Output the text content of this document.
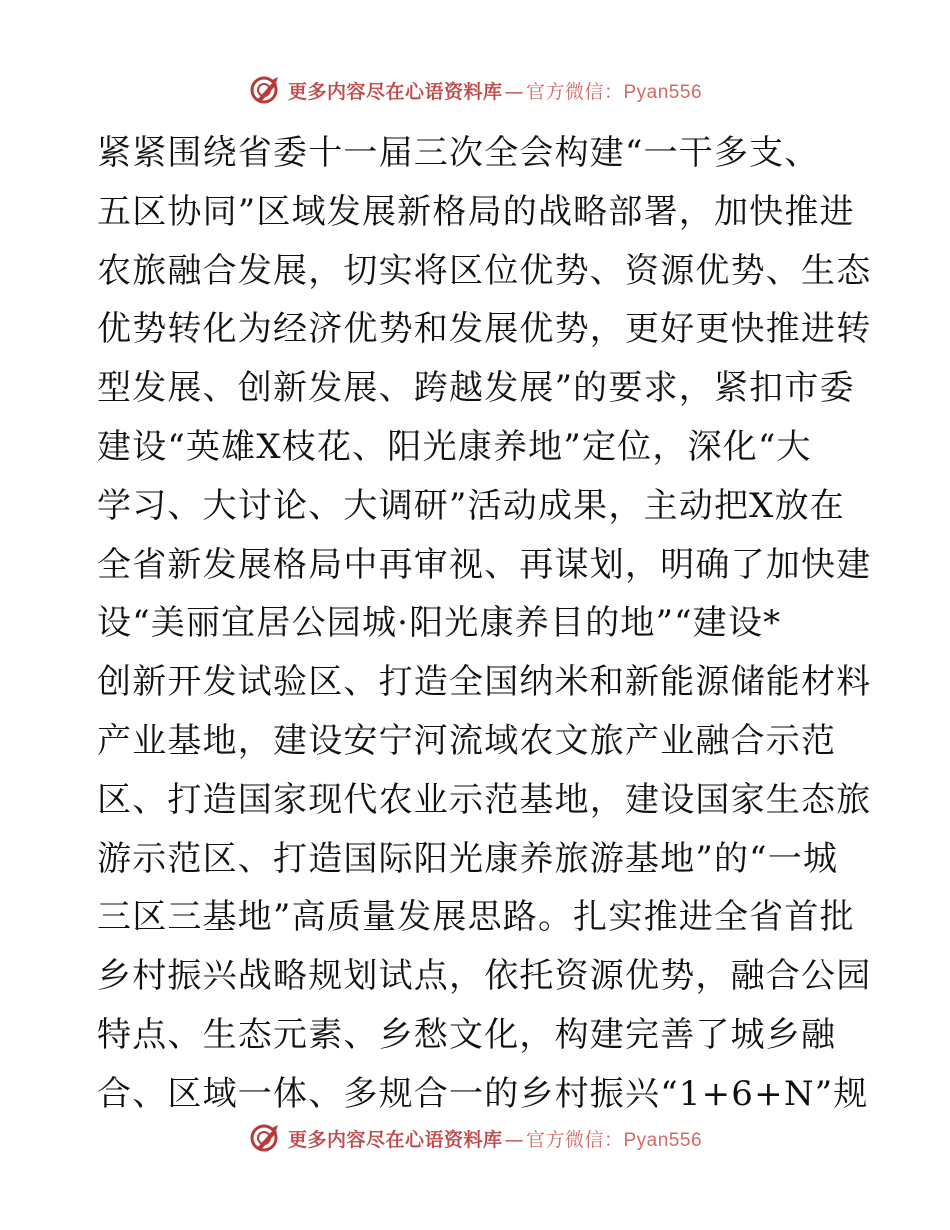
更多内容尽在心语资料库 — 官方微信： Pyan556
紧紧围绕省委十一届三次全会构建“一干多支、
五区协同”区域发展新格局的战略部署，加快推进
农旅融合发展，切实将区位优势、资源优势、生态
优势转化为经济优势和发展优势，更好更快推进转
型发展、创新发展、跨越发展”的要求，紧扣市委
建设“英雄X枝花、阳光康养地”定位，深化“大
学习、大讨论、大调研”活动成果，主动把X放在
全省新发展格局中再审视、再谋划，明确了加快建
设“美丽宜居公园城·阳光康养目的地”“建设*
创新开发试验区、打造全国纳米和新能源储能材料
产业基地，建设安宁河流域农文旅产业融合示范
区、打造国家现代农业示范基地，建设国家生态旅
游示范区、打造国际阳光康养旅游基地”的“一城
三区三基地”高质量发展思路。扎实推进全省首批
乡村振兴战略规划试点，依托资源优势，融合公园
特点、生态元素、乡愁文化，构建完善了城乡融
合、区域一体、多规合一的乡村振兴“1+6+N”规
更多内容尽在心语资料库 — 官方微信： Pyan556
